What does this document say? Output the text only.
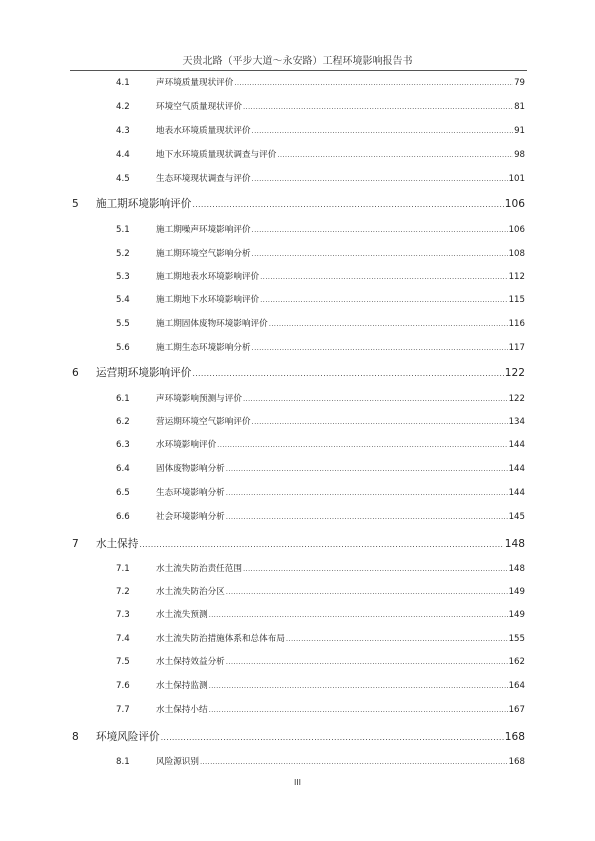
天贵北路（平步大道～永安路）工程环境影响报告书
4.1	声环境质量现状评价 .....	79
4.2	环境空气质量现状评价 .....	81
4.3	地表水环境质量现状评价 .....	91
4.4	地下水环境质量现状调查与评价 .....	98
4.5	生态环境现状调查与评价 .....	101
5	施工期环境影响评价 .....	106
5.1	施工期噪声环境影响评价 .....	106
5.2	施工期环境空气影响分析 .....	108
5.3	施工期地表水环境影响评价 .....	112
5.4	施工期地下水环境影响评价 .....	115
5.5	施工期固体废物环境影响评价 .....	116
5.6	施工期生态环境影响分析 .....	117
6	运营期环境影响评价 .....	122
6.1	声环境影响预测与评价 .....	122
6.2	营运期环境空气影响评价 .....	134
6.3	水环境影响评价 .....	144
6.4	固体废物影响分析 .....	144
6.5	生态环境影响分析 .....	144
6.6	社会环境影响分析 .....	145
7	水土保持 .....	148
7.1	水土流失防治责任范围 .....	148
7.2	水土流失防治分区 .....	149
7.3	水土流失预测 .....	149
7.4	水土流失防治措施体系和总体布局 .....	155
7.5	水土保持效益分析 .....	162
7.6	水土保持监测 .....	164
7.7	水土保持小结 .....	167
8	环境风险评价 .....	168
8.1	风险源识别 .....	168
III
